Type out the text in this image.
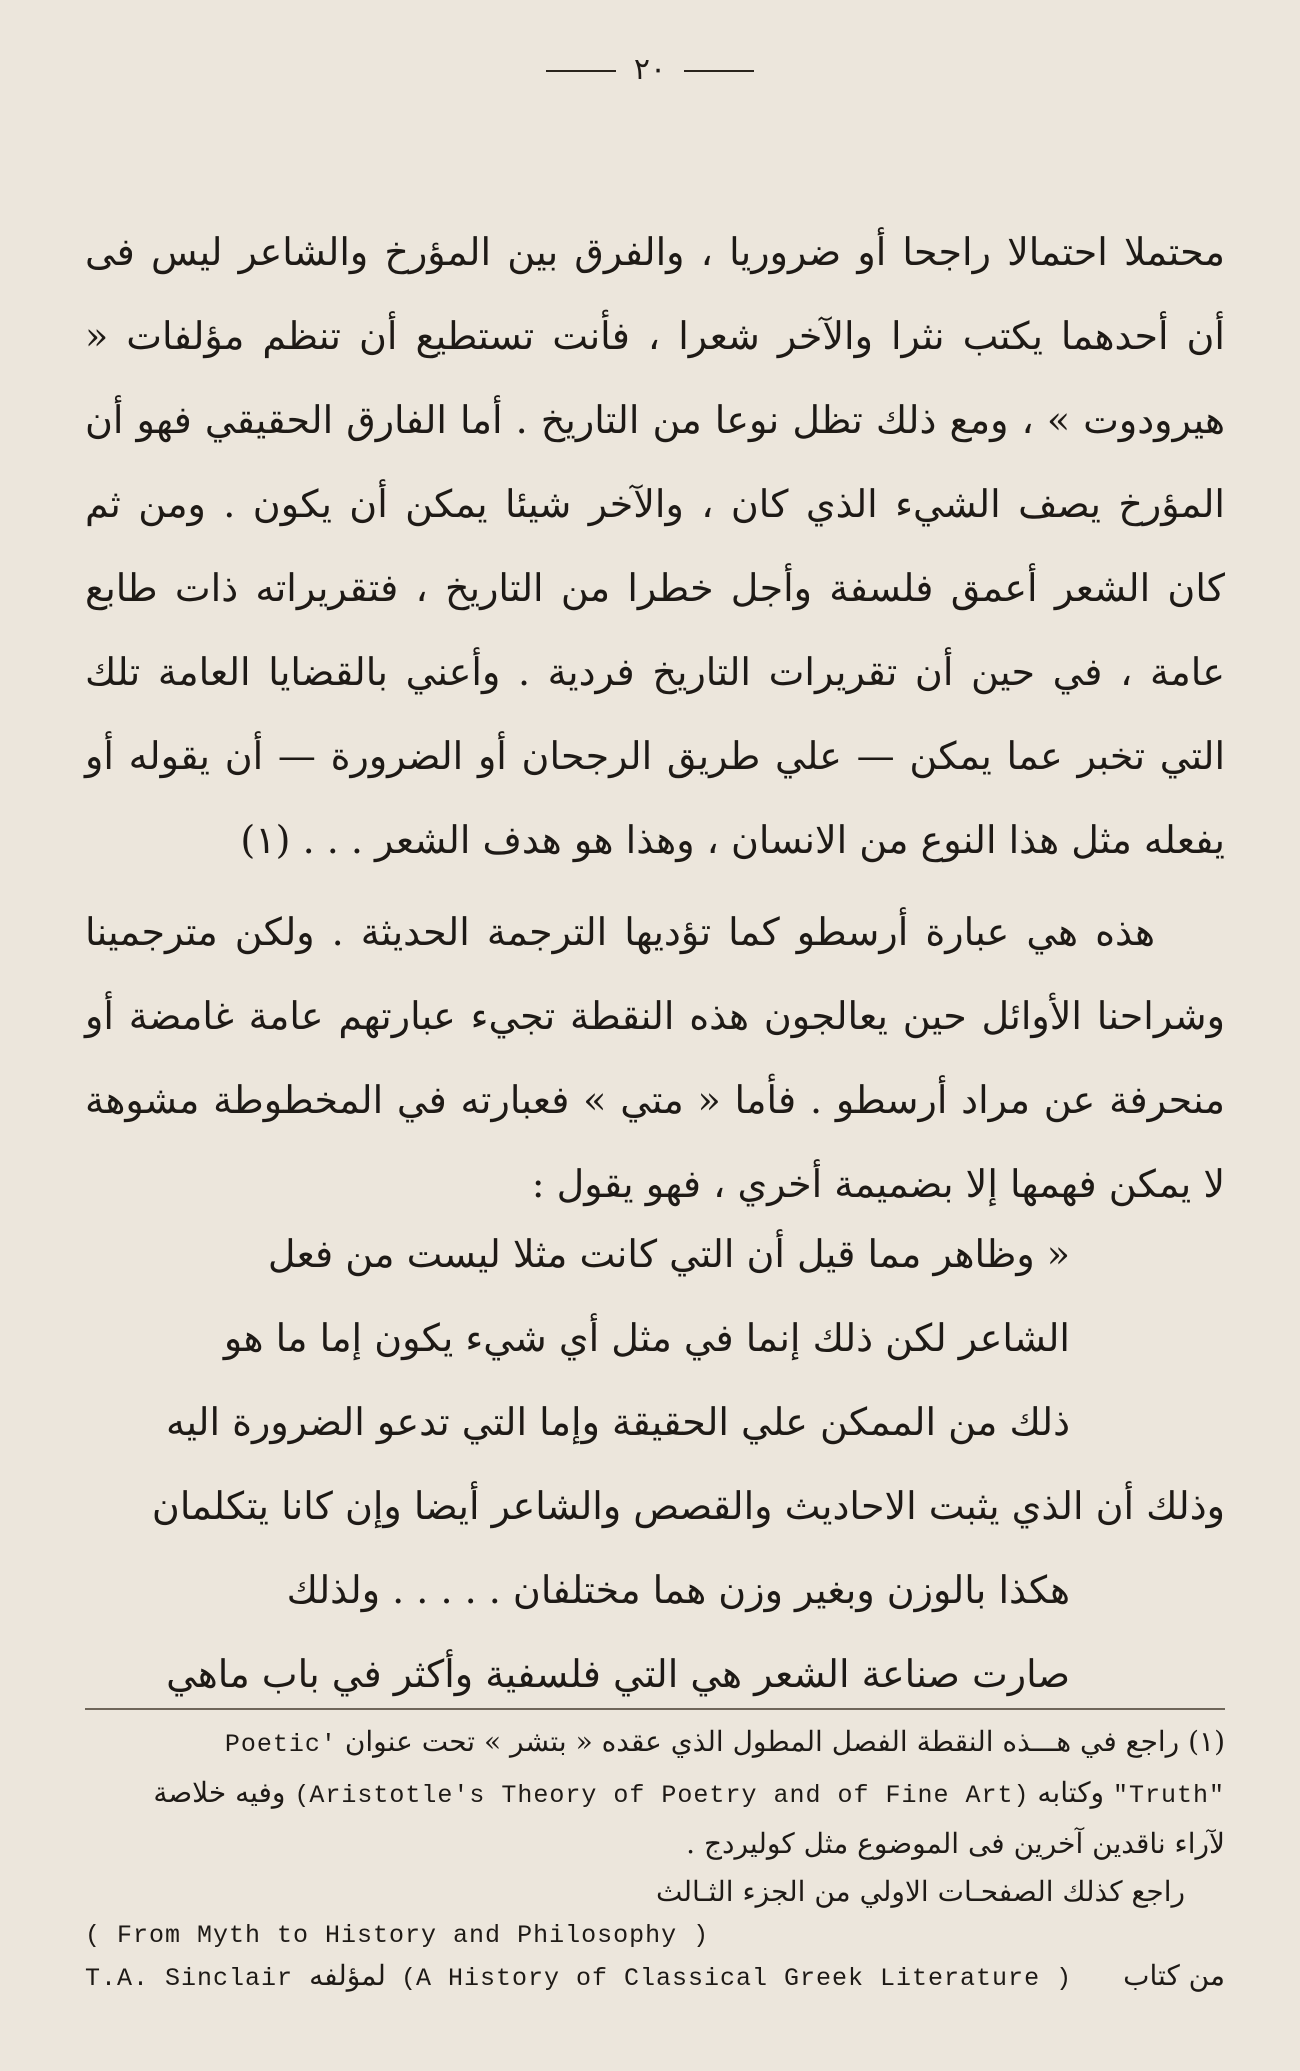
٢٠

محتملا احتمالا راجحا أو ضروريا ، والفرق بين المؤرخ والشاعر ليس فى أن أحدهما يكتب نثرا والآخر شعرا ، فأنت تستطيع أن تنظم مؤلفات « هيرودوت » ، ومع ذلك تظل نوعا من التاريخ . أما الفارق الحقيقي فهو أن المؤرخ يصف الشيء الذي كان ، والآخر شيئا يمكن أن يكون . ومن ثم كان الشعر أعمق فلسفة وأجل خطرا من التاريخ ، فتقريراته ذات طابع عامة ، في حين أن تقريرات التاريخ فردية . وأعني بالقضايا العامة تلك التي تخبر عما يمكن — علي طريق الرجحان أو الضرورة — أن يقوله أو يفعله مثل هذا النوع من الانسان ، وهذا هو هدف الشعر . . . (١)

هذه هي عبارة أرسطو كما تؤديها الترجمة الحديثة . ولكن مترجمينا وشراحنا الأوائل حين يعالجون هذه النقطة تجيء عبارتهم عامة غامضة أو منحرفة عن مراد أرسطو . فأما « متي » فعبارته في المخطوطة مشوهة لا يمكن فهمها إلا بضميمة أخري ، فهو يقول :

« وظاهر مما قيل أن التي كانت مثلا ليست من فعل
الشاعر لكن ذلك إنما في مثل أي شيء يكون إما ما هو
ذلك من الممكن علي الحقيقة وإما التي تدعو الضرورة اليه
وذلك أن الذي يثبت الاحاديث والقصص والشاعر أيضا وإن كانا يتكلمان
هكذا بالوزن وبغير وزن هما مختلفان . . . . . ولذلك
صارت صناعة الشعر هي التي فلسفية وأكثر في باب ماهي
(١) راجع في هـــذه النقطة الفصل المطول الذي عقده « بتشر » تحت عنوان 'Poetic
"Truth" وكتابه (Aristotle's Theory of Poetry and of Fine Art) وفيه خلاصة
لآراء ناقدين آخرين فى الموضوع مثل كوليردج .
راجع كذلك الصفحـات الاولي من الجزء الثـالث
( From Myth to History and Philosophy )
T.A. Sinclair لمؤلفه (A History of Classical Greek Literature ) من كتاب
